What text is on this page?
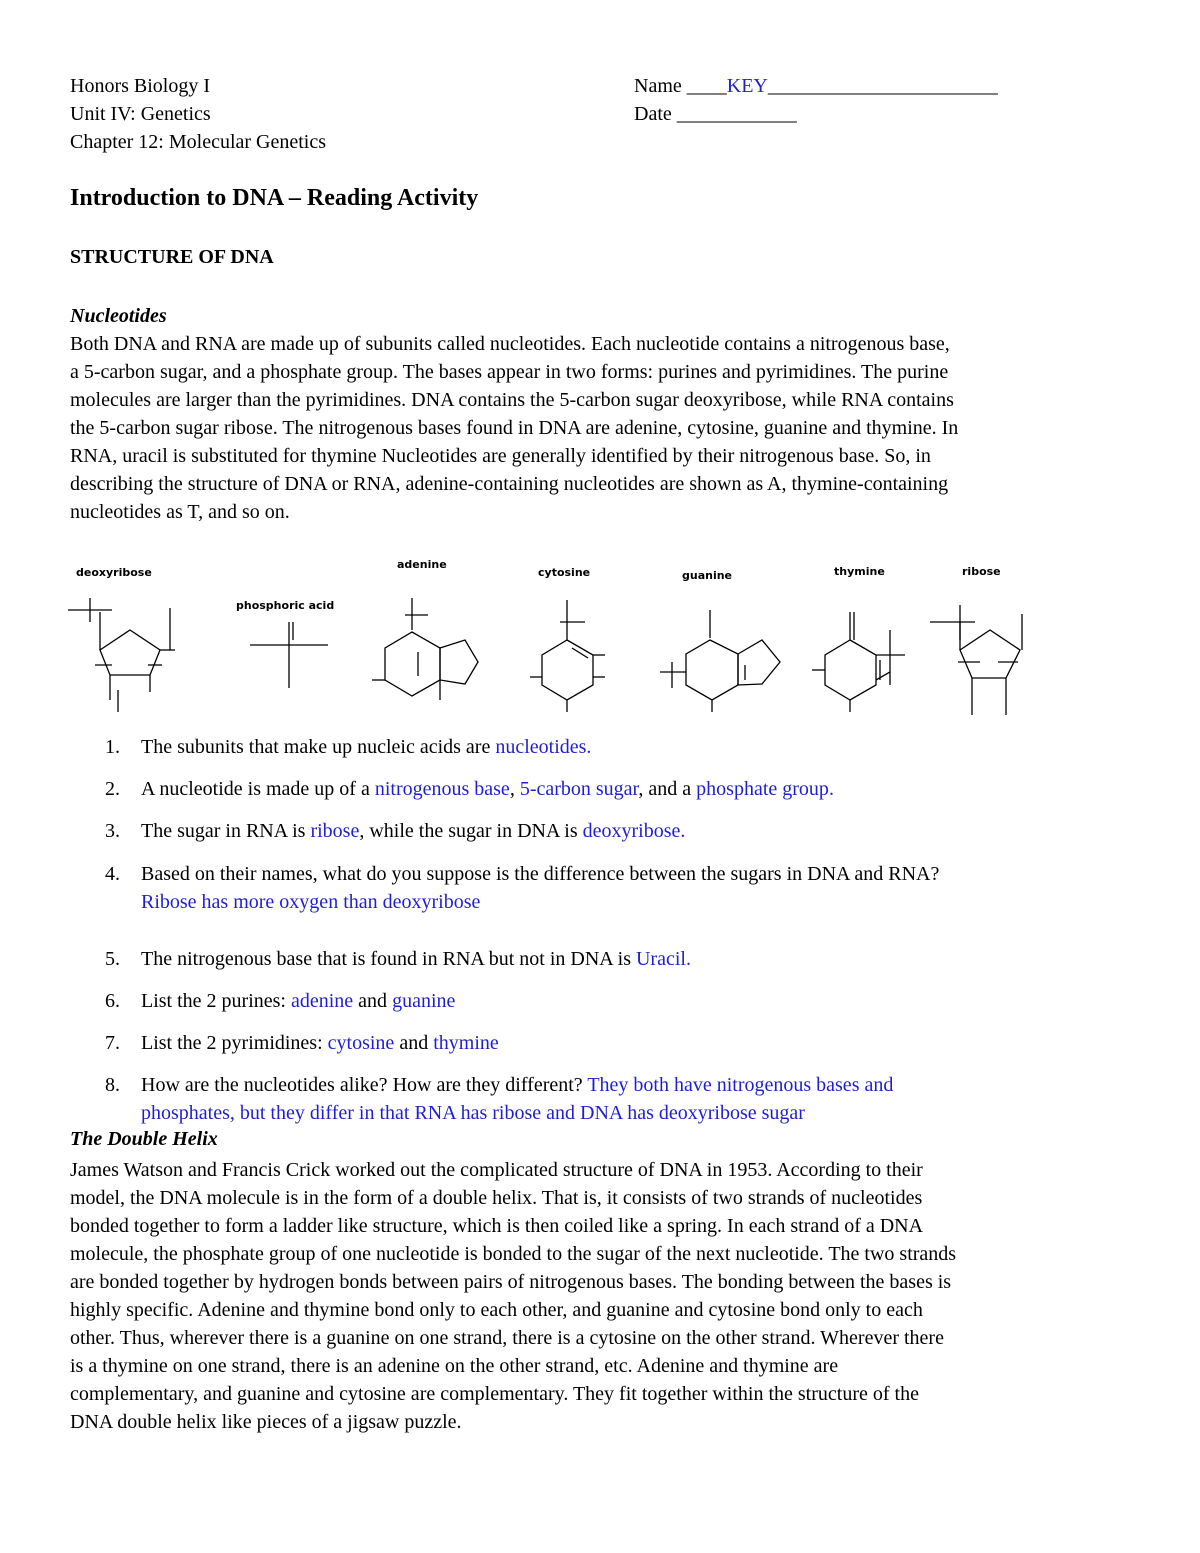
Honors Biology I
Unit IV: Genetics
Chapter 12: Molecular Genetics
Name ____KEY_______________________
Date ____________
Introduction to DNA – Reading Activity
STRUCTURE OF DNA
Nucleotides

Both DNA and RNA are made up of subunits called nucleotides. Each nucleotide contains a nitrogenous base,
a 5-carbon sugar, and a phosphate group. The bases appear in two forms: purines and pyrimidines. The purine
molecules are larger than the pyrimidines. DNA contains the 5-carbon sugar deoxyribose, while RNA contains
the 5-carbon sugar ribose. The nitrogenous bases found in DNA are adenine, cytosine, guanine and thymine. In
RNA, uracil is substituted for thymine Nucleotides are generally identified by their nitrogenous base. So, in
describing the structure of DNA or RNA, adenine-containing nucleotides are shown as A, thymine-containing
nucleotides as T, and so on.

deoxyribose
phosphoric acid
adenine
cytosine	guanine	thymine	ribose
1. The subunits that make up nucleic acids are nucleotides.
2. A nucleotide is made up of a nitrogenous base, 5-carbon sugar, and a phosphate group.
3. The sugar in RNA is ribose, while the sugar in DNA is deoxyribose.
4. Based on their names, what do you suppose is the difference between the sugars in DNA and RNA?
Ribose has more oxygen than deoxyribose
5. The nitrogenous base that is found in RNA but not in DNA is Uracil.
6. List the 2 purines: adenine and guanine
7. List the 2 pyrimidines: cytosine and thymine
8. How are the nucleotides alike? How are they different? They both have nitrogenous bases and
phosphates, but they differ in that RNA has ribose and DNA has deoxyribose sugar
The Double Helix

James Watson and Francis Crick worked out the complicated structure of DNA in 1953. According to their
model, the DNA molecule is in the form of a double helix. That is, it consists of two strands of nucleotides
bonded together to form a ladder like structure, which is then coiled like a spring. In each strand of a DNA
molecule, the phosphate group of one nucleotide is bonded to the sugar of the next nucleotide. The two strands
are bonded together by hydrogen bonds between pairs of nitrogenous bases. The bonding between the bases is
highly specific. Adenine and thymine bond only to each other, and guanine and cytosine bond only to each
other. Thus, wherever there is a guanine on one strand, there is a cytosine on the other strand. Wherever there
is a thymine on one strand, there is an adenine on the other strand, etc. Adenine and thymine are
complementary, and guanine and cytosine are complementary. They fit together within the structure of the
DNA double helix like pieces of a jigsaw puzzle.
